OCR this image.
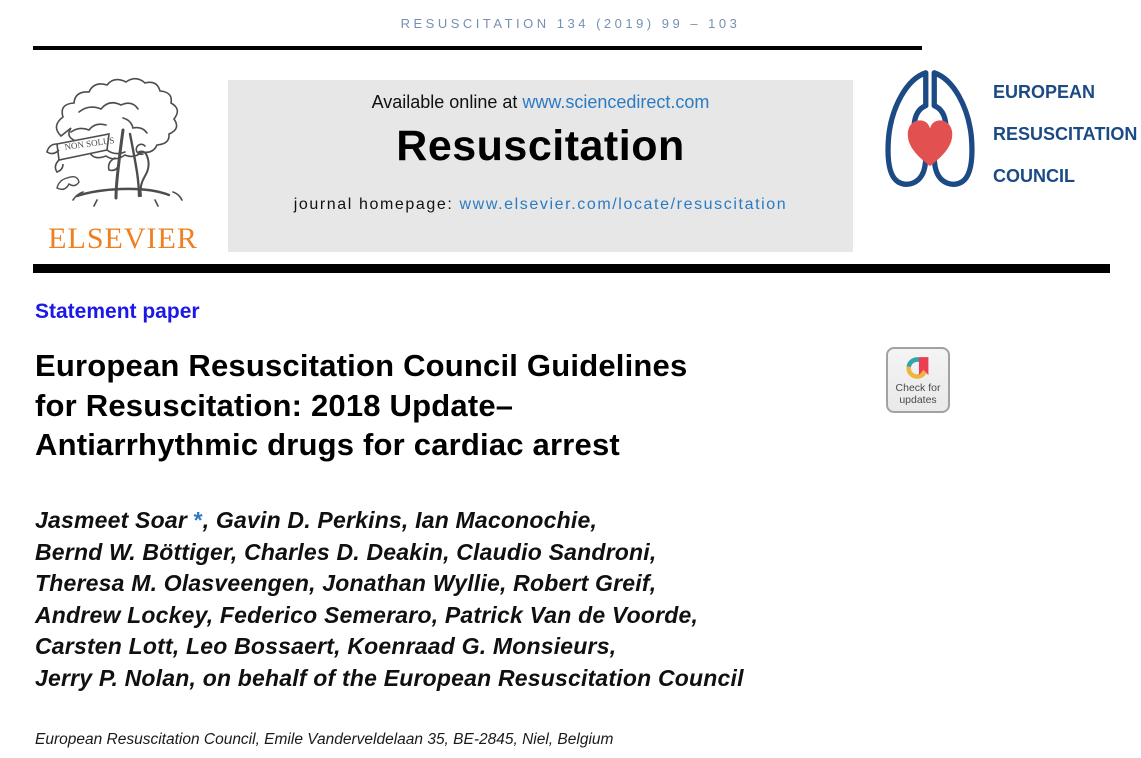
RESUSCITATION 134 (2019) 99 – 103
NON SOLUS
ELSEVIER
Available online at www.sciencedirect.com
Resuscitation
journal homepage: www.elsevier.com/locate/resuscitation
EUROPEAN
RESUSCITATION
COUNCIL
Statement paper
European Resuscitation Council Guidelines
for Resuscitation: 2018 Update–
Antiarrhythmic drugs for cardiac arrest
Check for
updates
Jasmeet Soar *, Gavin D. Perkins, Ian Maconochie,
Bernd W. Böttiger, Charles D. Deakin, Claudio Sandroni,
Theresa M. Olasveengen, Jonathan Wyllie, Robert Greif,
Andrew Lockey, Federico Semeraro, Patrick Van de Voorde,
Carsten Lott, Leo Bossaert, Koenraad G. Monsieurs,
Jerry P. Nolan, on behalf of the European Resuscitation Council
European Resuscitation Council, Emile Vanderveldelaan 35, BE-2845, Niel, Belgium
